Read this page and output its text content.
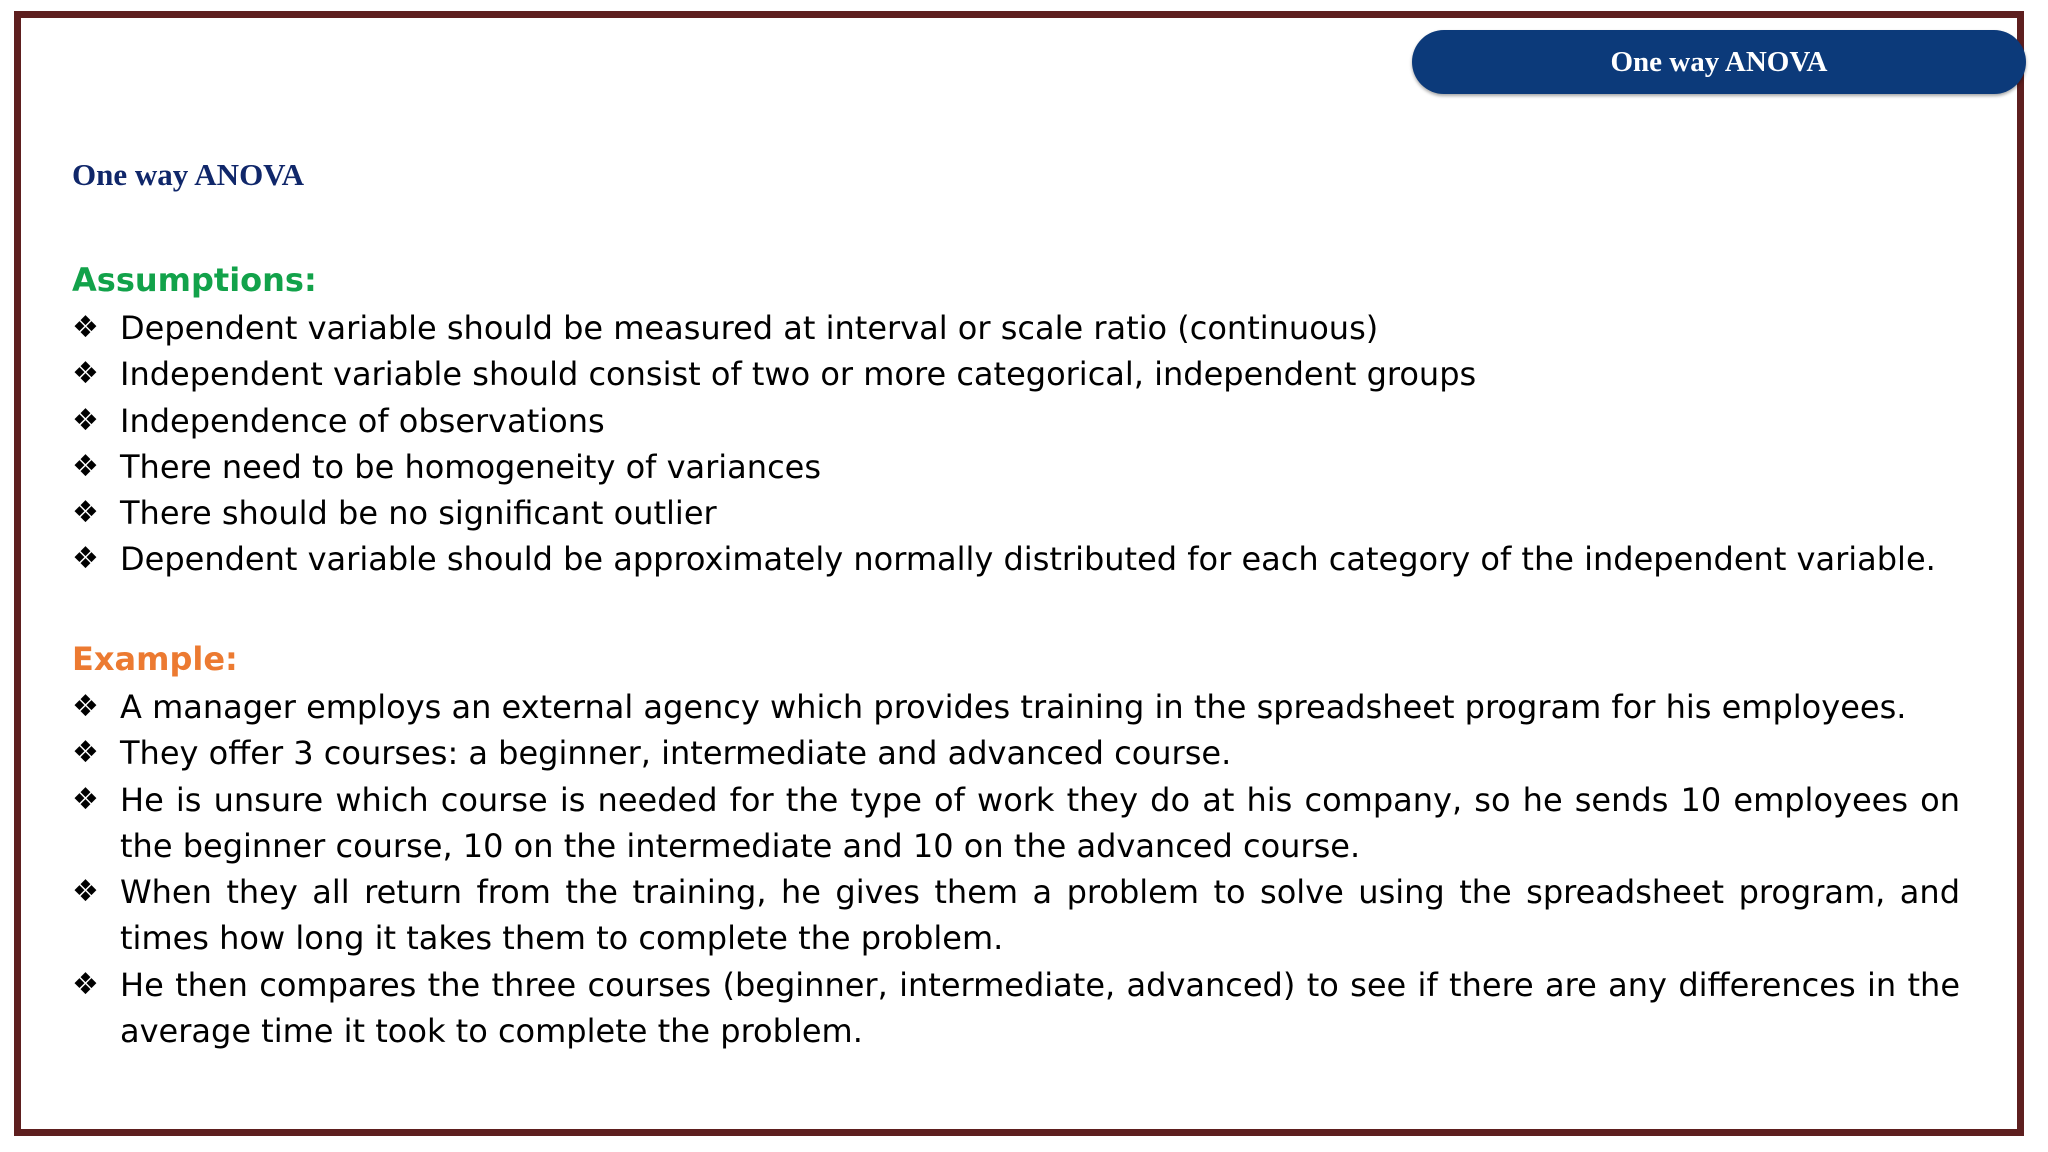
One way ANOVA
One way ANOVA
Assumptions:
❖ Dependent variable should be measured at interval or scale ratio (continuous)
❖ Independent variable should consist of two or more categorical, independent groups
❖ Independence of observations
❖ There need to be homogeneity of variances
❖ There should be no significant outlier
❖ Dependent variable should be approximately normally distributed for each category of the independent variable.
Example:
❖ A manager employs an external agency which provides training in the spreadsheet program for his employees.
❖ They offer 3 courses: a beginner, intermediate and advanced course.
❖ He is unsure which course is needed for the type of work they do at his company, so he sends 10 employees on the beginner course, 10 on the intermediate and 10 on the advanced course.
❖ When they all return from the training, he gives them a problem to solve using the spreadsheet program, and times how long it takes them to complete the problem.
❖ He then compares the three courses (beginner, intermediate, advanced) to see if there are any differences in the average time it took to complete the problem.
